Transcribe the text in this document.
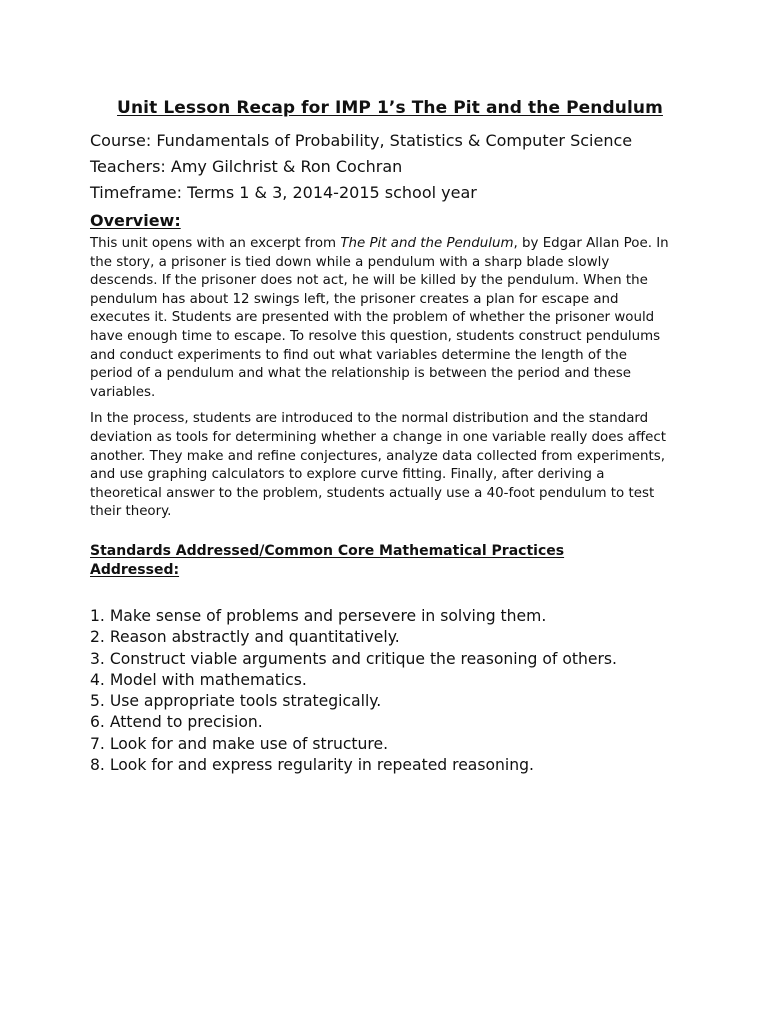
Unit Lesson Recap for IMP 1’s The Pit and the Pendulum

Course: Fundamentals of Probability, Statistics & Computer Science

Teachers: Amy Gilchrist & Ron Cochran

Timeframe: Terms 1 & 3, 2014-2015 school year

Overview:

This unit opens with an excerpt from The Pit and the Pendulum, by Edgar Allan Poe. In the story, a prisoner is tied down while a pendulum with a sharp blade slowly descends. If the prisoner does not act, he will be killed by the pendulum. When the pendulum has about 12 swings left, the prisoner creates a plan for escape and executes it. Students are presented with the problem of whether the prisoner would have enough time to escape. To resolve this question, students construct pendulums and conduct experiments to find out what variables determine the length of the period of a pendulum and what the relationship is between the period and these variables.

In the process, students are introduced to the normal distribution and the standard deviation as tools for determining whether a change in one variable really does affect another. They make and refine conjectures, analyze data collected from experiments, and use graphing calculators to explore curve fitting. Finally, after deriving a theoretical answer to the problem, students actually use a 40-foot pendulum to test their theory.

Standards Addressed/Common Core Mathematical Practices Addressed:
1. Make sense of problems and persevere in solving them.
2. Reason abstractly and quantitatively.
3. Construct viable arguments and critique the reasoning of others.
4. Model with mathematics.
5. Use appropriate tools strategically.
6. Attend to precision.
7. Look for and make use of structure.
8. Look for and express regularity in repeated reasoning.
